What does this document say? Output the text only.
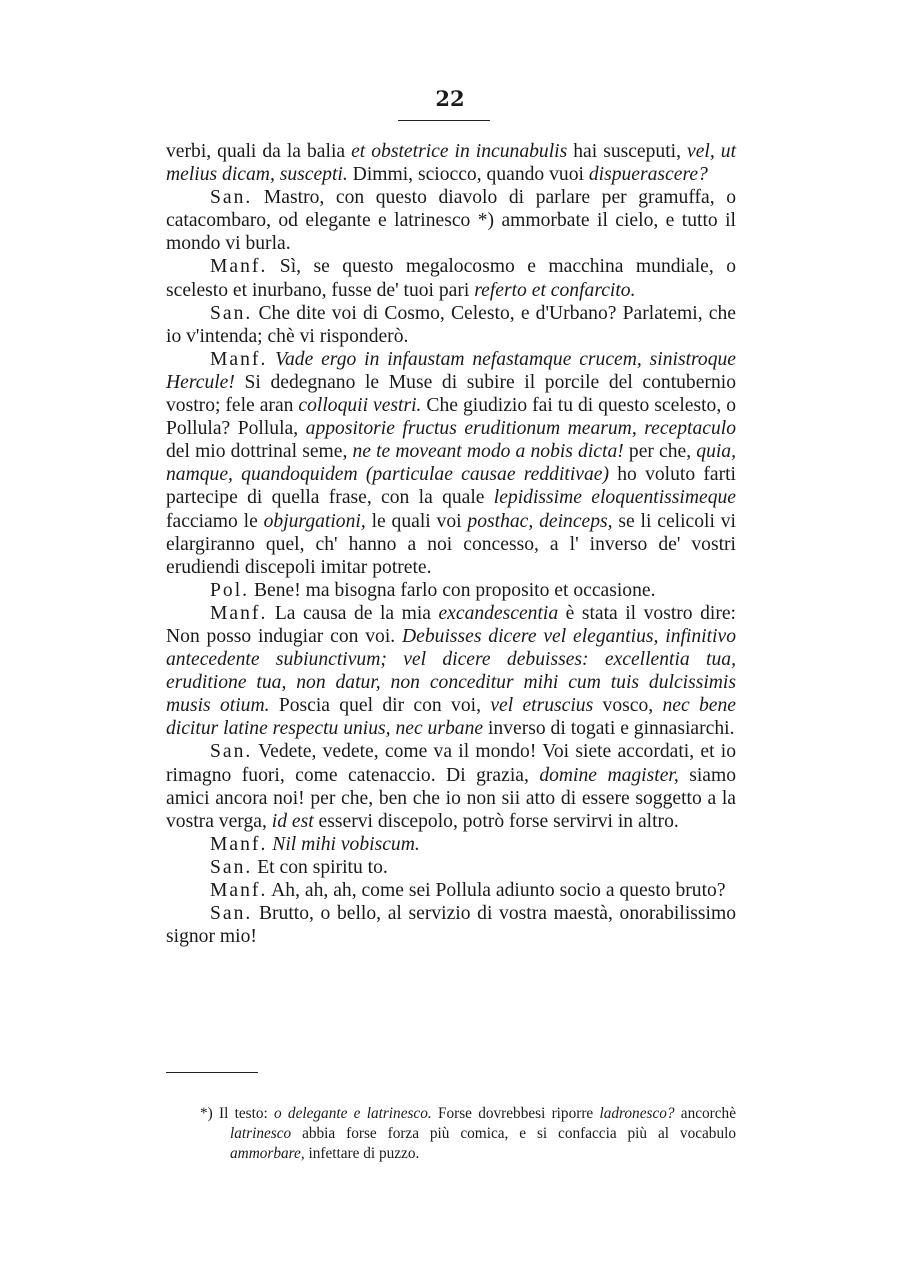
22

verbi, quali da la balia et obstetrice in incunabulis hai susceputi, vel, ut melius dicam, suscepti. Dimmi, sciocco, quando vuoi dispuerascere?

San. Mastro, con questo diavolo di parlare per gramuffa, o catacombaro, od elegante e latrinesco *) ammorbate il cielo, e tutto il mondo vi burla.

Manf. Sì, se questo megalocosmo e macchina mundiale, o scelesto et inurbano, fusse de' tuoi pari referto et confarcito.

San. Che dite voi di Cosmo, Celesto, e d'Urbano? Parlatemi, che io v'intenda; chè vi risponderò.

Manf. Vade ergo in infaustam nefastamque crucem, sinistroque Hercule! Si dedegnano le Muse di subire il porcile del contubernio vostro; fele aran colloquii vestri. Che giudizio fai tu di questo scelesto, o Pollula? Pollula, appositorie fructus eruditionum mearum, receptaculo del mio dottrinal seme, ne te moveant modo a nobis dicta! per che, quia, namque, quandoquidem (particulae causae redditivae) ho voluto farti partecipe di quella frase, con la quale lepidissime eloquentissimeque facciamo le objurgationi, le quali voi posthac, deinceps, se li celicoli vi elargiranno quel, ch' hanno a noi concesso, a l' inverso de' vostri erudiendi discepoli imitar potrete.

Pol. Bene! ma bisogna farlo con proposito et occasione.

Manf. La causa de la mia excandescentia è stata il vostro dire: Non posso indugiar con voi. Debuisses dicere vel elegantius, infinitivo antecedente subiunctivum; vel dicere debuisses: excellentia tua, eruditione tua, non datur, non conceditur mihi cum tuis dulcissimis musis otium. Poscia quel dir con voi, vel etruscius vosco, nec bene dicitur latine respectu unius, nec urbane inverso di togati e ginnasiarchi.

San. Vedete, vedete, come va il mondo! Voi siete accordati, et io rimagno fuori, come catenaccio. Di grazia, domine magister, siamo amici ancora noi! per che, ben che io non sii atto di essere soggetto a la vostra verga, id est esservi discepolo, potrò forse servirvi in altro.

Manf. Nil mihi vobiscum.

San. Et con spiritu to.

Manf. Ah, ah, ah, come sei Pollula adiunto socio a questo bruto?

San. Brutto, o bello, al servizio di vostra maestà, onorabilissimo signor mio!

*) Il testo: o delegante e latrinesco. Forse dovrebbesi riporre ladronesco? ancorchè latrinesco abbia forse forza più comica, e si confaccia più al vocabulo ammorbare, infettare di puzzo.
